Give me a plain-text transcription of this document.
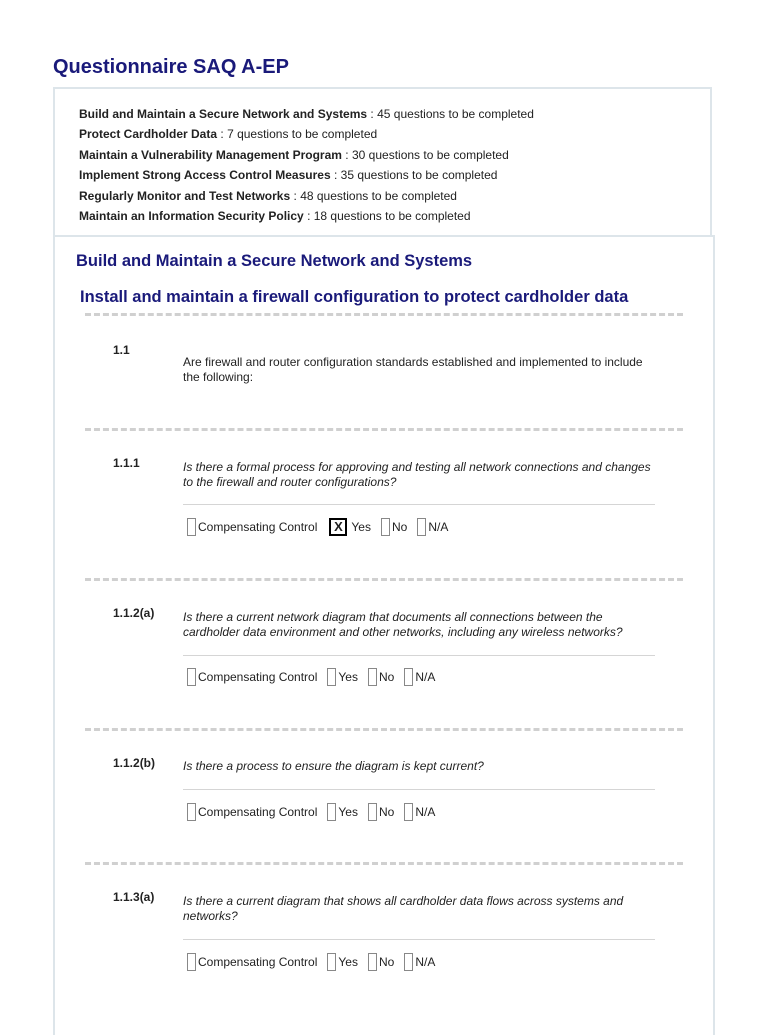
Questionnaire SAQ A-EP
Build and Maintain a Secure Network and Systems : 45 questions to be completed
Protect Cardholder Data : 7 questions to be completed
Maintain a Vulnerability Management Program : 30 questions to be completed
Implement Strong Access Control Measures : 35 questions to be completed
Regularly Monitor and Test Networks : 48 questions to be completed
Maintain an Information Security Policy : 18 questions to be completed
Build and Maintain a Secure Network and Systems
Install and maintain a firewall configuration to protect cardholder data
1.1
Are firewall and router configuration standards established and implemented to include the following:
1.1.1	Is there a formal process for approving and testing all network connections and changes to the firewall and router configurations?
Compensating Control	X Yes No N/A
1.1.2(a) Is there a current network diagram that documents all connections between the cardholder data environment and other networks, including any wireless networks?
Compensating Control Yes No N/A
1.1.2(b) Is there a process to ensure the diagram is kept current?
Compensating Control Yes No N/A
1.1.3(a) Is there a current diagram that shows all cardholder data flows across systems and networks?
Compensating Control Yes No N/A
